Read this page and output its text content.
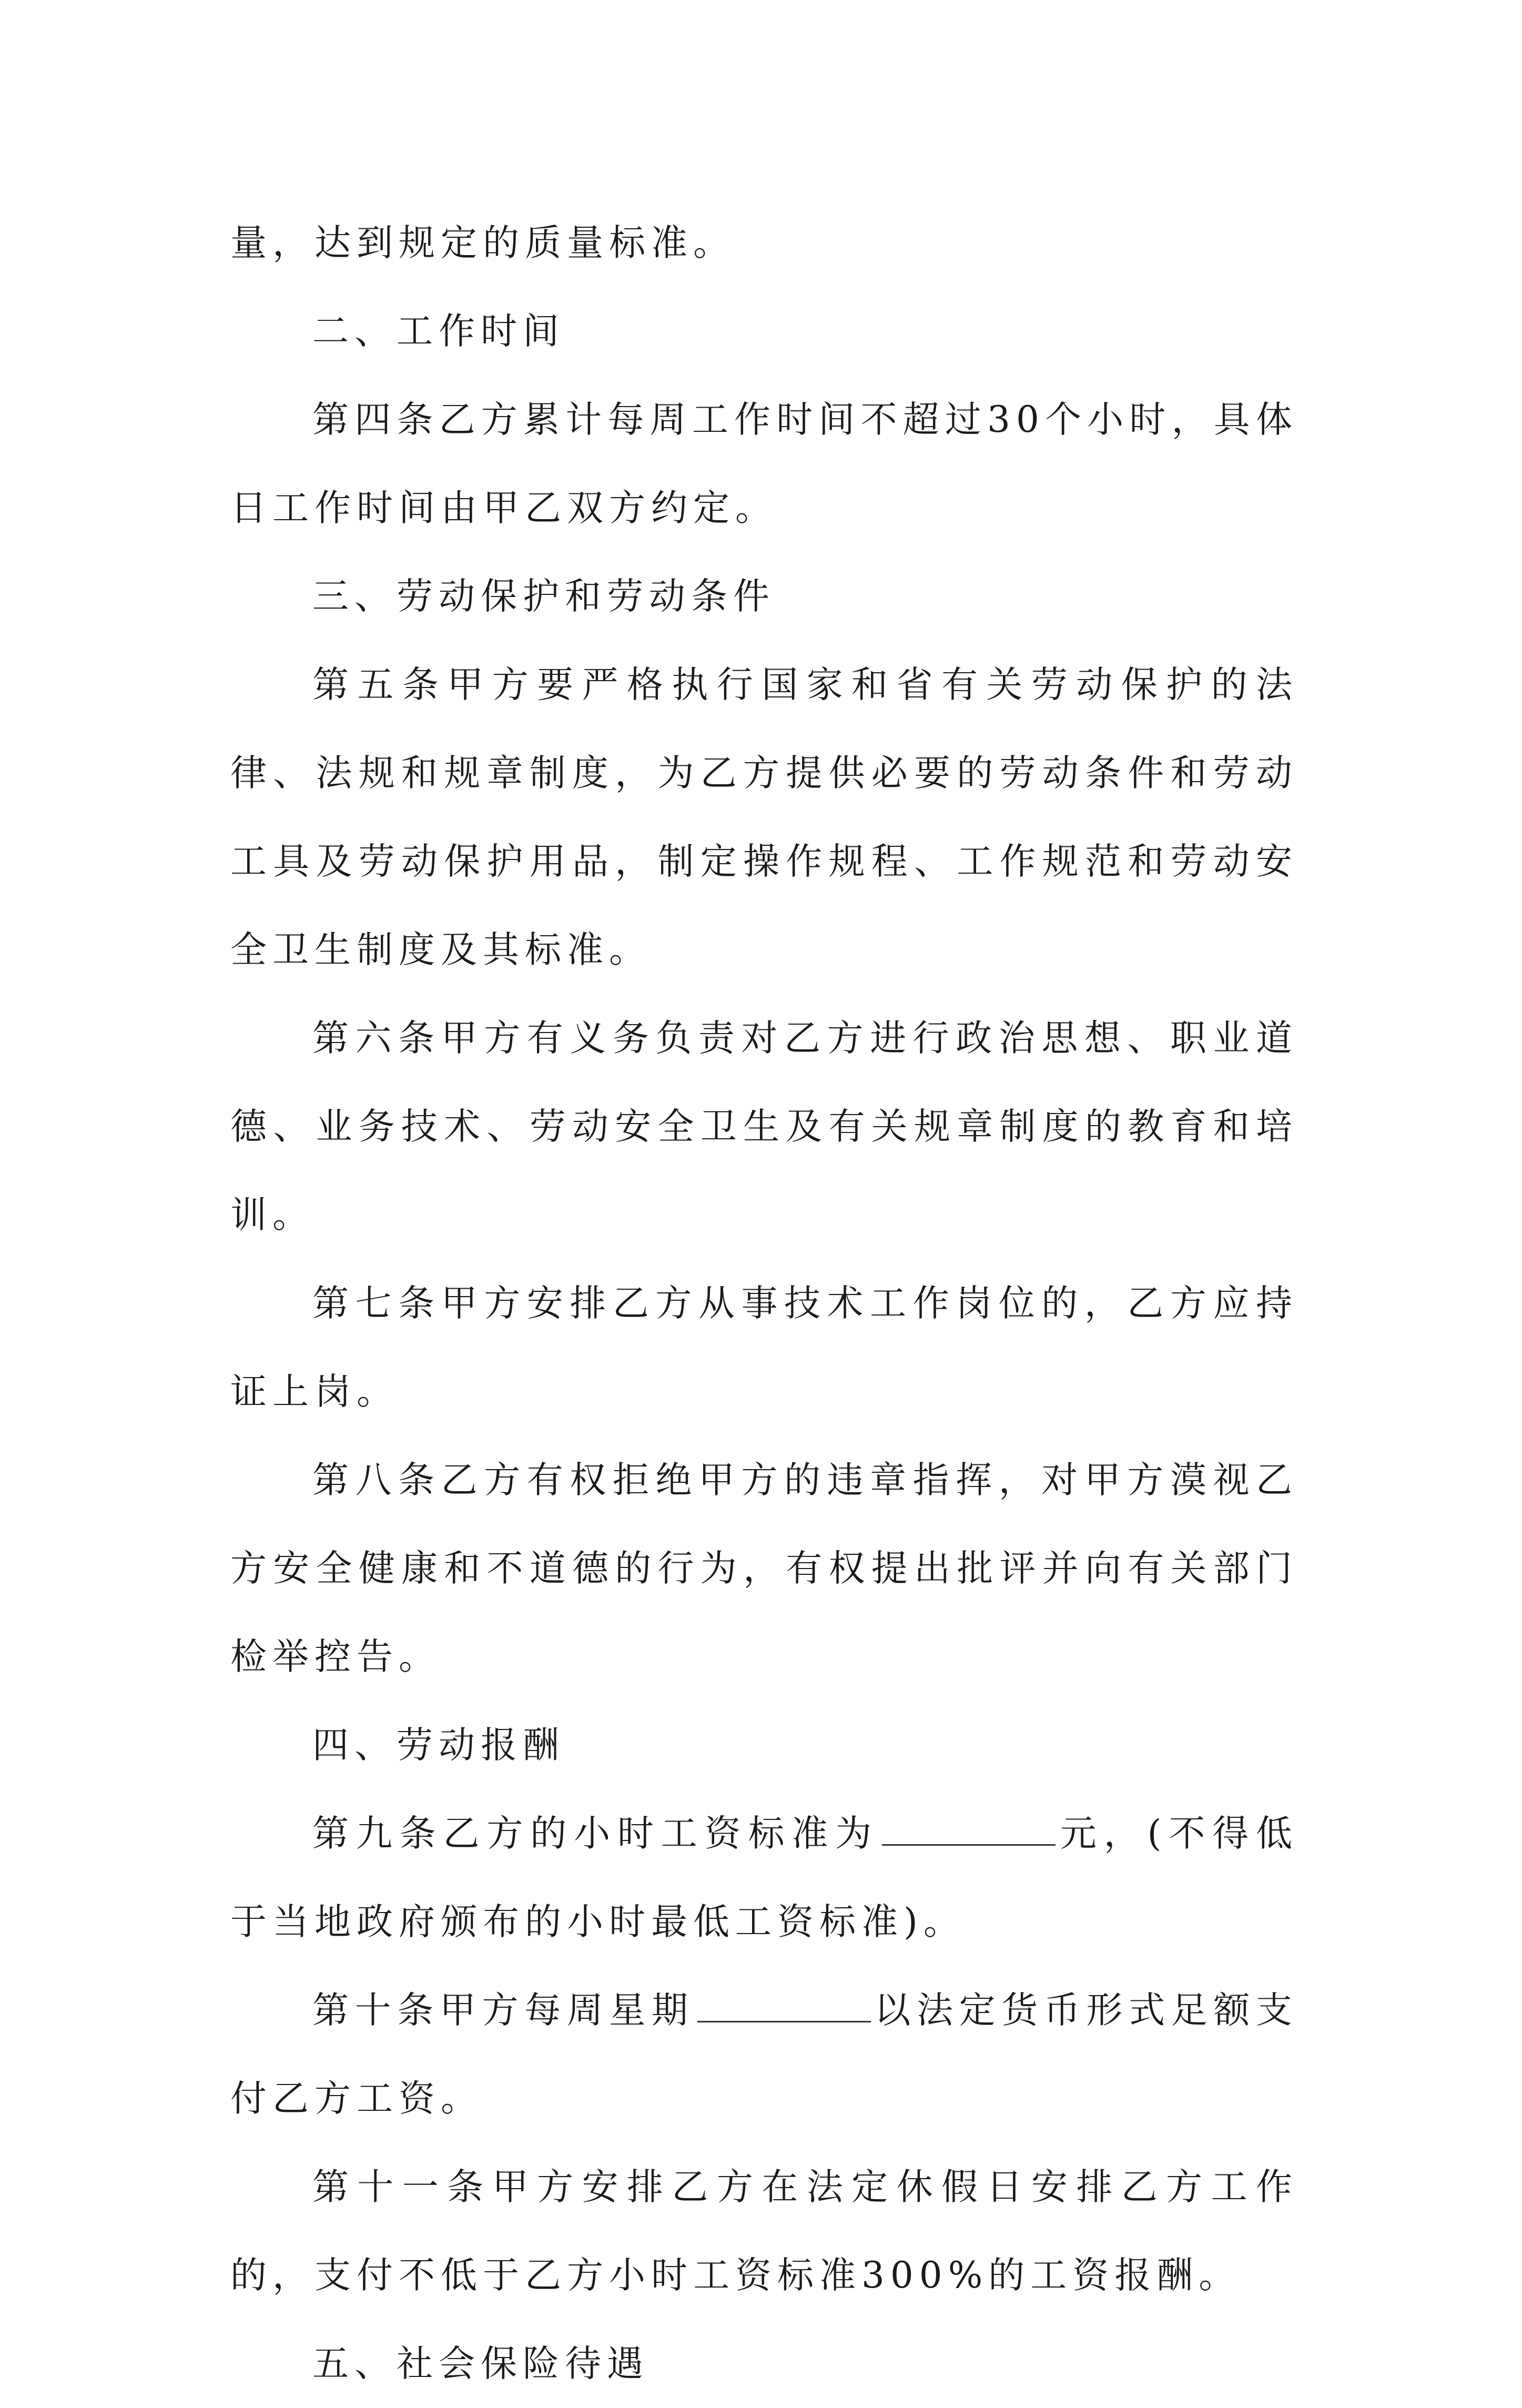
量，达到规定的质量标准。

二、工作时间

第四条乙方累计每周工作时间不超过30个小时，具体日工作时间由甲乙双方约定。

三、劳动保护和劳动条件

第五条甲方要严格执行国家和省有关劳动保护的法律、法规和规章制度，为乙方提供必要的劳动条件和劳动工具及劳动保护用品，制定操作规程、工作规范和劳动安全卫生制度及其标准。

第六条甲方有义务负责对乙方进行政治思想、职业道德、业务技术、劳动安全卫生及有关规章制度的教育和培训。

第七条甲方安排乙方从事技术工作岗位的，乙方应持证上岗。

第八条乙方有权拒绝甲方的违章指挥，对甲方漠视乙方安全健康和不道德的行为，有权提出批评并向有关部门检举控告。

四、劳动报酬

第九条乙方的小时工资标准为	元，(不得低于当地政府颁布的小时最低工资标准)。

第十条甲方每周星期	以法定货币形式足额支付乙方工资。

第十一条甲方安排乙方在法定休假日安排乙方工作的，支付不低于乙方小时工资标准300%的工资报酬。

五、社会保险待遇
